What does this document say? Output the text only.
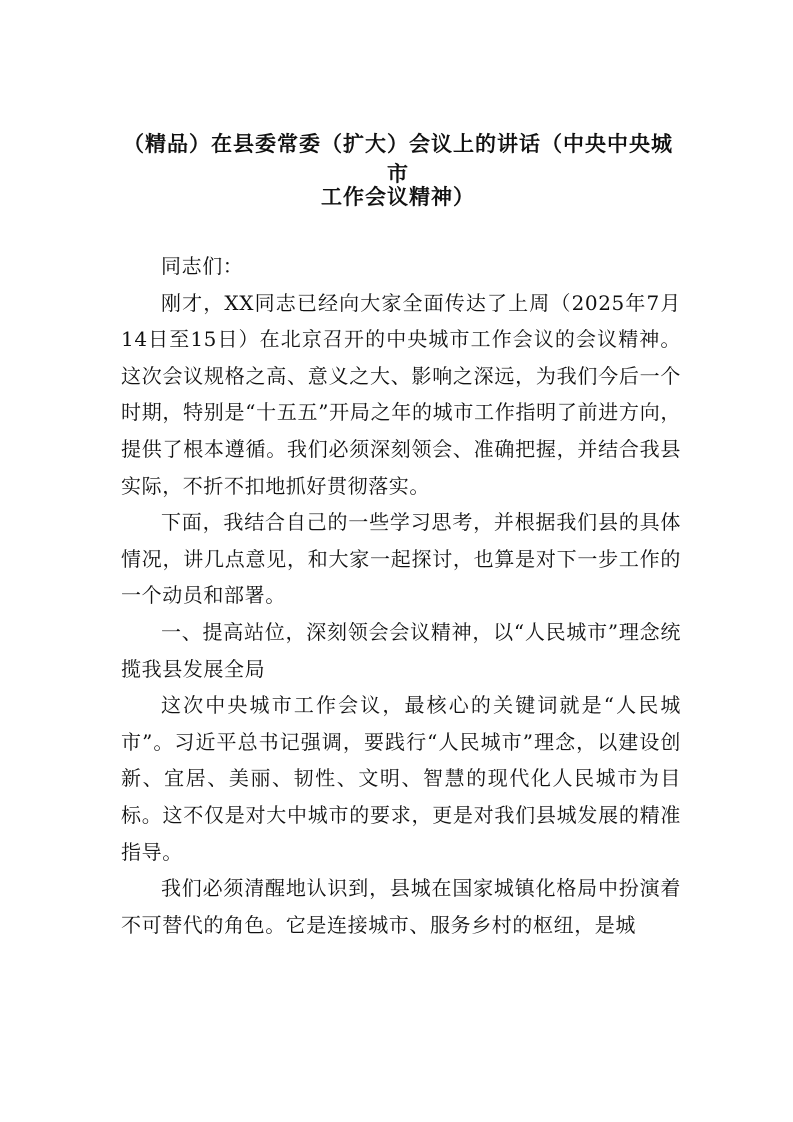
（精品）在县委常委（扩大）会议上的讲话（中央中央城市
工作会议精神）

同志们：

刚才，XX同志已经向大家全面传达了上周（2025年7月14日至15日）在北京召开的中央城市工作会议的会议精神。这次会议规格之高、意义之大、影响之深远，为我们今后一个时期，特别是“十五五”开局之年的城市工作指明了前进方向，提供了根本遵循。我们必须深刻领会、准确把握，并结合我县实际，不折不扣地抓好贯彻落实。

下面，我结合自己的一些学习思考，并根据我们县的具体情况，讲几点意见，和大家一起探讨，也算是对下一步工作的一个动员和部署。

一、提高站位，深刻领会会议精神，以“人民城市”理念统揽我县发展全局

这次中央城市工作会议，最核心的关键词就是“人民城市”。习近平总书记强调，要践行“人民城市”理念，以建设创新、宜居、美丽、韧性、文明、智慧的现代化人民城市为目标。这不仅是对大中城市的要求，更是对我们县城发展的精准指导。

我们必须清醒地认识到，县城在国家城镇化格局中扮演着不可替代的角色。它是连接城市、服务乡村的枢纽，是城
